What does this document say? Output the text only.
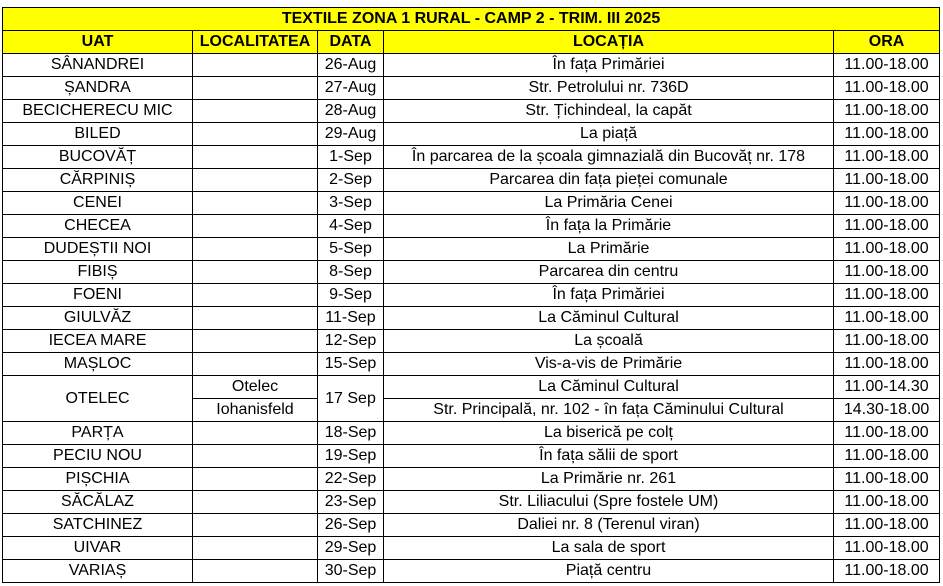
TEXTILE ZONA 1 RURAL - CAMP 2 - TRIM. III 2025				
UAT	LOCALITATEA	DATA	LOCAȚIA	ORA
SÂNANDREI		26-Aug	În fața Primăriei	11.00-18.00
ȘANDRA		27-Aug	Str. Petrolului nr. 736D	11.00-18.00
BECICHERECU MIC		28-Aug	Str. Țichindeal, la capăt	11.00-18.00
BILED		29-Aug	La piață	11.00-18.00
BUCOVĂȚ		1-Sep	În parcarea de la școala gimnazială din Bucovăț nr. 178	11.00-18.00
CĂRPINIȘ		2-Sep	Parcarea din fața pieței comunale	11.00-18.00
CENEI		3-Sep	La Primăria Cenei	11.00-18.00
CHECEA		4-Sep	În fața la Primărie	11.00-18.00
DUDEȘTII NOI		5-Sep	La Primărie	11.00-18.00
FIBIȘ		8-Sep	Parcarea din centru	11.00-18.00
FOENI		9-Sep	În fața Primăriei	11.00-18.00
GIULVĂZ		11-Sep	La Căminul Cultural	11.00-18.00
IECEA MARE		12-Sep	La școală	11.00-18.00
MAȘLOC		15-Sep	Vis-a-vis de Primărie	11.00-18.00
OTELEC	Otelec	17 Sep	La Căminul Cultural	11.00-14.30
	Iohanisfeld		Str. Principală, nr. 102 - în fața Căminului Cultural	14.30-18.00
PARȚA		18-Sep	La biserică pe colț	11.00-18.00
PECIU NOU		19-Sep	În fața sălii de sport	11.00-18.00
PIȘCHIA		22-Sep	La Primărie nr. 261	11.00-18.00
SĂCĂLAZ		23-Sep	Str. Liliacului (Spre fostele UM)	11.00-18.00
SATCHINEZ		26-Sep	Daliei nr. 8 (Terenul viran)	11.00-18.00
UIVAR		29-Sep	La sala de sport	11.00-18.00
VARIAȘ		30-Sep	Piață centru	11.00-18.00
